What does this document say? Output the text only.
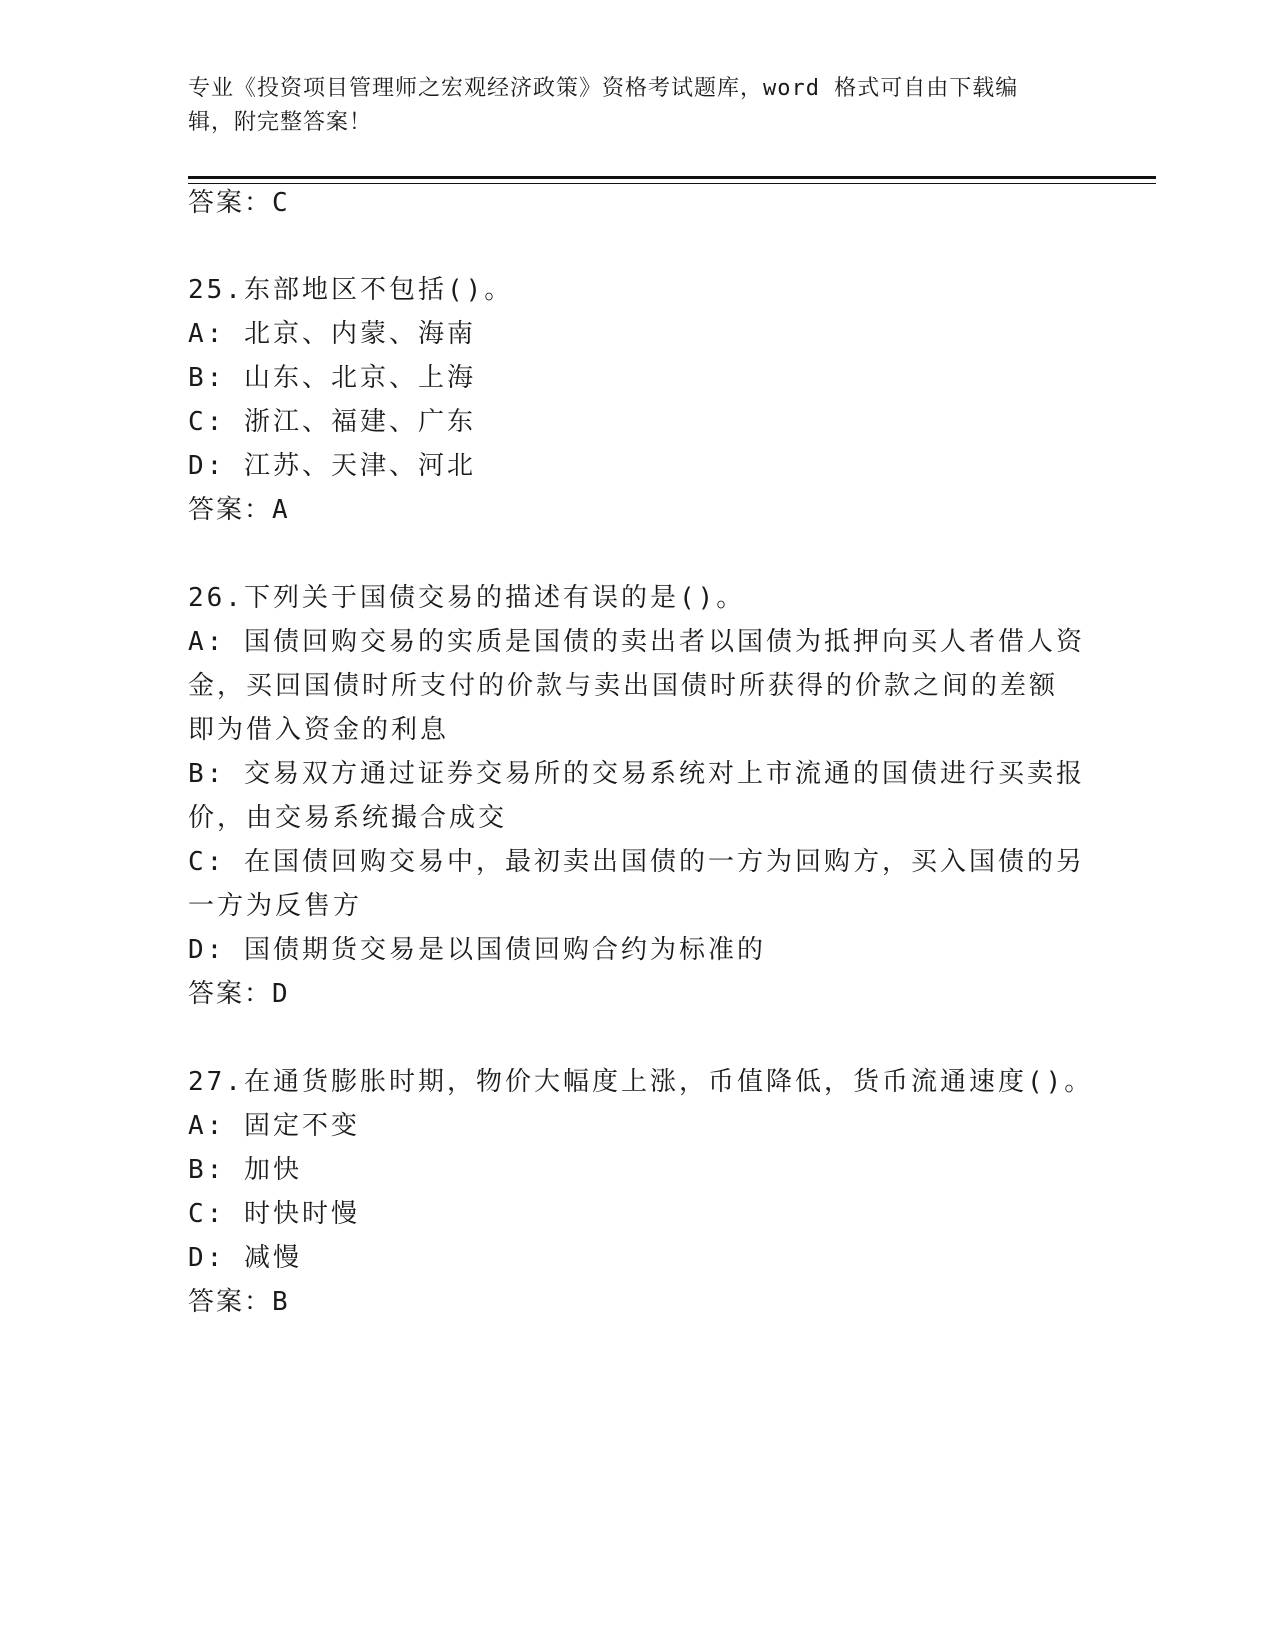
专业《投资项目管理师之宏观经济政策》资格考试题库，word 格式可自由下载编
辑，附完整答案！
答案：C
25.东部地区不包括()。
A: 北京、内蒙、海南
B: 山东、北京、上海
C: 浙江、福建、广东
D: 江苏、天津、河北
答案：A
26.下列关于国债交易的描述有误的是()。
A: 国债回购交易的实质是国债的卖出者以国债为抵押向买人者借人资
金，买回国债时所支付的价款与卖出国债时所获得的价款之间的差额
即为借入资金的利息
B: 交易双方通过证券交易所的交易系统对上市流通的国债进行买卖报
价，由交易系统撮合成交
C: 在国债回购交易中，最初卖出国债的一方为回购方，买入国债的另
一方为反售方
D: 国债期货交易是以国债回购合约为标准的
答案：D
27.在通货膨胀时期，物价大幅度上涨，币值降低，货币流通速度()。
A: 固定不变
B: 加快
C: 时快时慢
D: 减慢
答案：B
